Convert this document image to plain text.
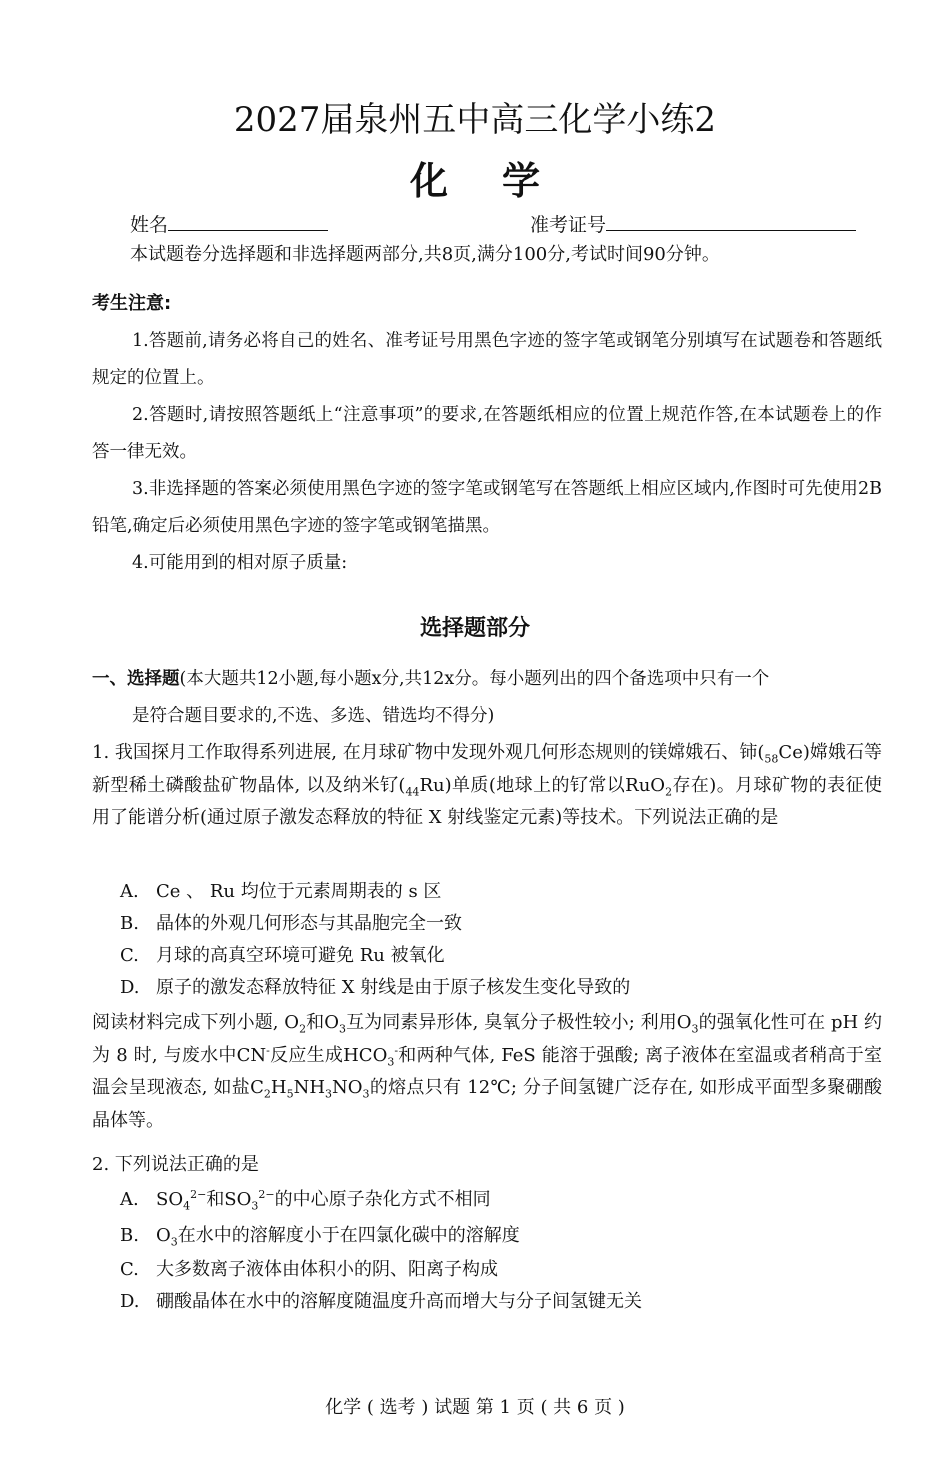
2027届泉州五中高三化学小练2
化学
姓名	准考证号
本试题卷分选择题和非选择题两部分,共8页,满分100分,考试时间90分钟。
考生注意:
1.答题前,请务必将自己的姓名、准考证号用黑色字迹的签字笔或钢笔分别填写在试题卷和答题纸规定的位置上。
2.答题时,请按照答题纸上“注意事项”的要求,在答题纸相应的位置上规范作答,在本试题卷上的作答一律无效。
3.非选择题的答案必须使用黑色字迹的签字笔或钢笔写在答题纸上相应区域内,作图时可先使用2B铅笔,确定后必须使用黑色字迹的签字笔或钢笔描黑。
4.可能用到的相对原子质量:
选择题部分
一、选择题(本大题共12小题,每小题x分,共12x分。每小题列出的四个备选项中只有一个
是符合题目要求的,不选、多选、错选均不得分)
1. 我国探月工作取得系列进展, 在月球矿物中发现外观几何形态规则的镁嫦娥石、铈$(_{58}Ce)$嫦娥石等新型稀土磷酸盐矿物晶体, 以及纳米钌$(_{44}Ru)$单质(地球上的钌常以RuO$_2$存在)。月球矿物的表征使用了能谱分析(通过原子激发态释放的特征 X 射线鉴定元素)等技术。下列说法正确的是
A. Ce 、 Ru 均位于元素周期表的 s 区
B. 晶体的外观几何形态与其晶胞完全一致
C. 月球的高真空环境可避免 Ru 被氧化
D. 原子的激发态释放特征 X 射线是由于原子核发生变化导致的
阅读材料完成下列小题, $O_2$和$O_3$互为同素异形体, 臭氧分子极性较小; 利用$O_3$的强氧化性可在 pH 约为 8 时, 与废水中CN-反应生成$HCO_3^-$和两种气体, FeS 能溶于强酸; 离子液体在室温或者稍高于室温会呈现液态, 如盐$C_2H_5NH_3NO_3$的熔点只有 12℃; 分子间氢键广泛存在, 如形成平面型多聚硼酸晶体等。
2. 下列说法正确的是
A. $SO_4^{2-}$和$SO_3^{2-}$的中心原子杂化方式不相同
B. $O_3$在水中的溶解度小于在四氯化碳中的溶解度
C. 大多数离子液体由体积小的阴、阳离子构成
D. 硼酸晶体在水中的溶解度随温度升高而增大与分子间氢键无关
化学 ( 选考 ) 试题 第 1 页 ( 共 6 页 )
